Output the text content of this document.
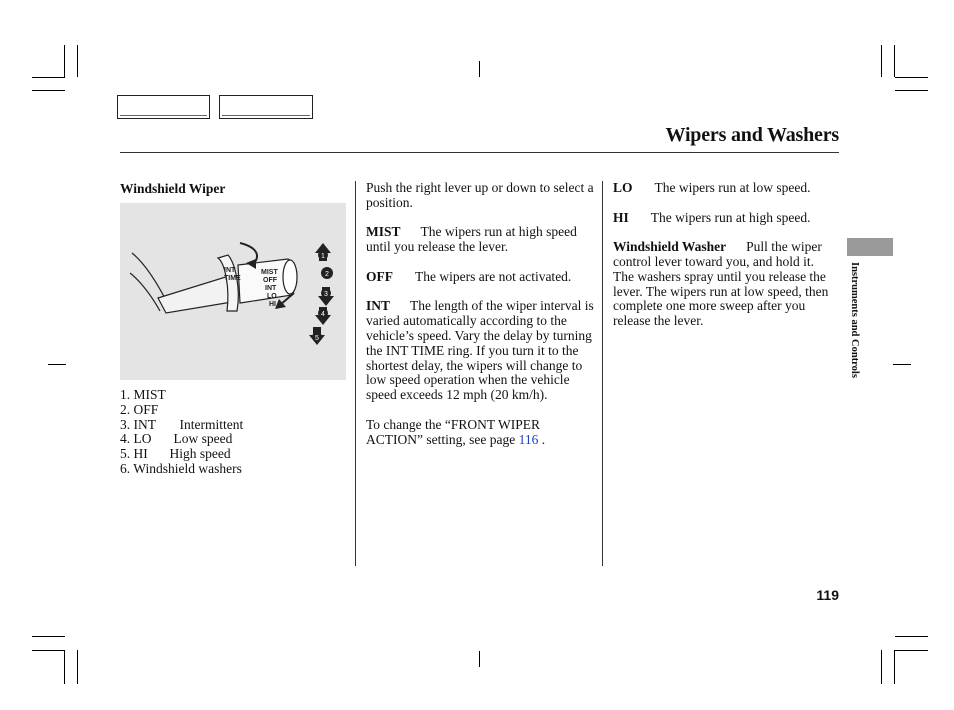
Wipers and Washers
Windshield Wiper
1
2
3
4
5
INT
TIME
MIST
OFF
INT
LO
HI
1. MIST
2. OFF
3. INT Intermittent
4. LO Low speed
5. HI High speed
6. Windshield washers

Push the right lever up or down to select a position.

MIST The wipers run at high speed until you release the lever.

OFF The wipers are not activated.

INT The length of the wiper interval is varied automatically according to the vehicle’s speed. Vary the delay by turning the INT TIME ring. If you turn it to the shortest delay, the wipers will change to low speed operation when the vehicle speed exceeds 12 mph (20 km/h).

To change the “FRONT WIPER ACTION” setting, see page 116 .

LO The wipers run at low speed.

HI The wipers run at high speed.

Windshield Washer Pull the wiper control lever toward you, and hold it. The washers spray until you release the lever. The wipers run at low speed, then complete one more sweep after you release the lever.	Instruments and Controls
119
